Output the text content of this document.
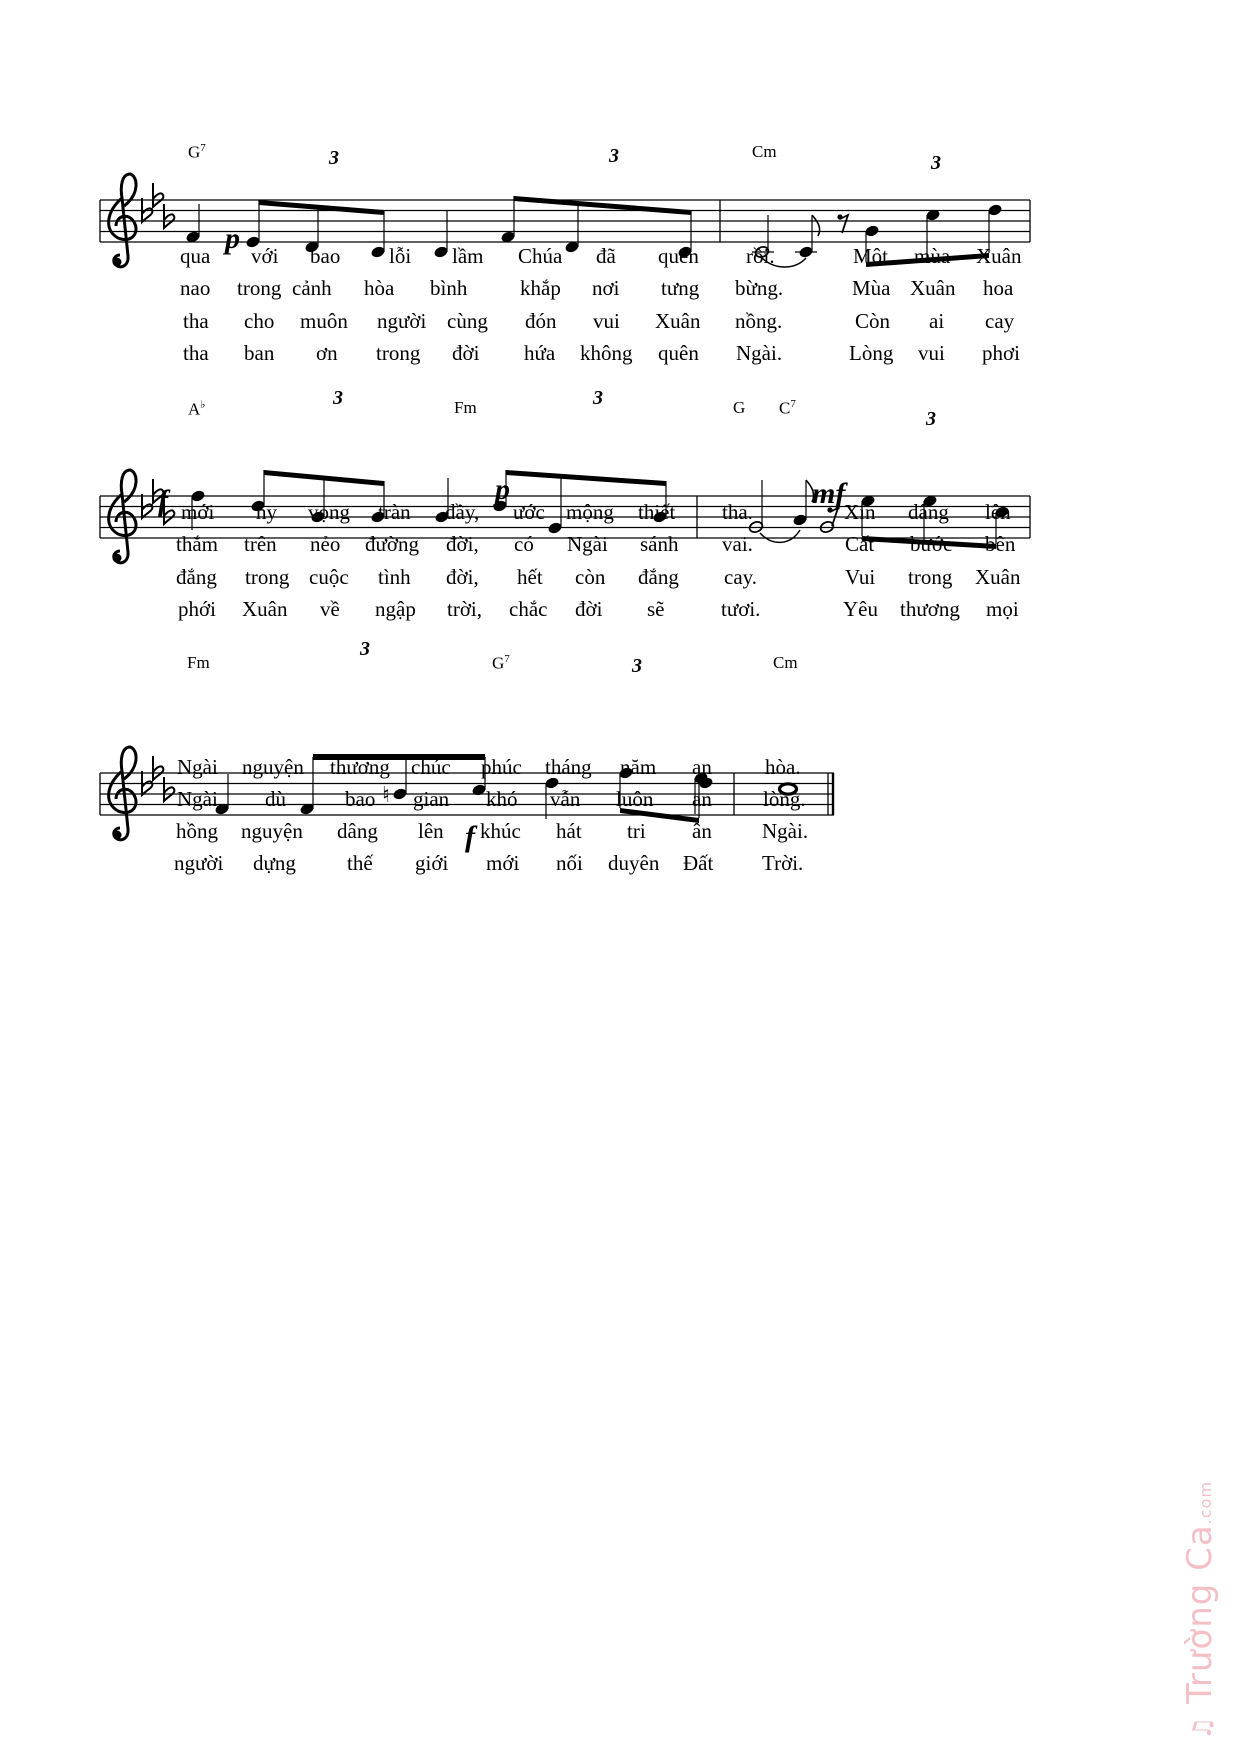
♮
$G^7$	Cm
3	3	3
p
qua với bao lỗi lầm Chúa đã quên rồi.	Một mùa Xuân
nao trong cảnh hòa bình	khắp nơi tưng bừng.	Mùa Xuân hoa
tha cho muôn người cùng đón vui Xuân nồng.	Còn ai cay
tha ban ơn trong đời hứa không quên Ngài.	Lòng vui phơi
A♭	Fm	G $C^7$
3	3
3
f	p	mf
mới hy vọng tràn đầy, ước mộng thiết tha.	Xin dâng lên
thắm trên nẻo đường đời, có Ngài sánh vai.	Cất bước bên
đắng trong cuộc tình đời, hết còn đắng cay.	Vui trong Xuân
phới Xuân về ngập trời, chắc đời sẽ	tươi.	Yêu thương mọi
Fm	$G^7$	Cm
3
3
f
Ngài nguyện thương chúc phúc tháng năm an	hòa.
Ngài dù	bao gian khó vẫn luôn an lòng.
hồng nguyện dâng lên khúc hát tri ân Ngài.
người dựng thế giới mới nối duyên Đất Trời.
♫ Trường Ca.com
